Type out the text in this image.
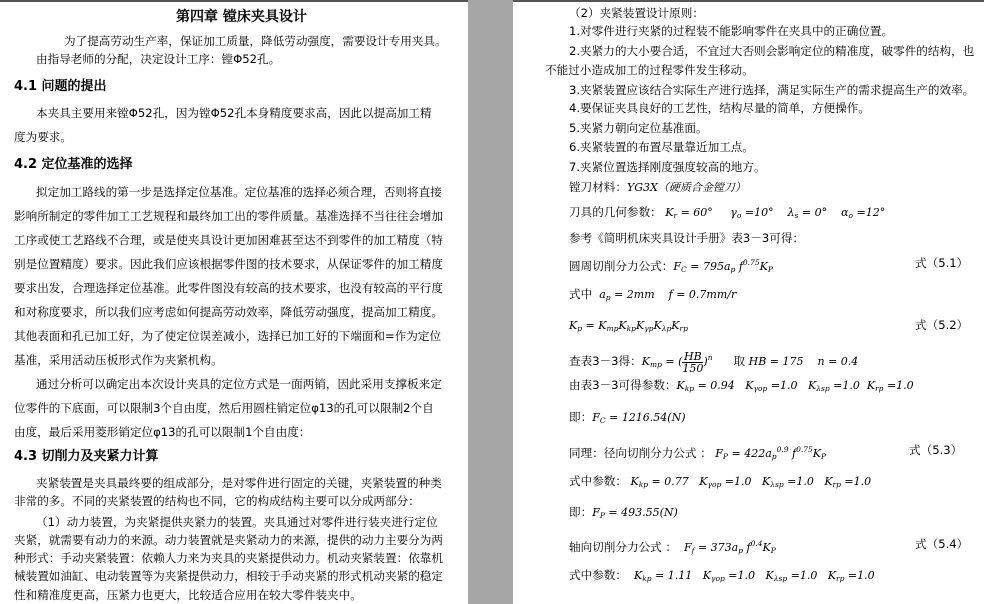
第四章 镗床夹具设计
为了提高劳动生产率，保证加工质量，降低劳动强度，需要设计专用夹具。
由指导老师的分配，决定设计工序：镗Φ52孔。
4.1 问题的提出
本夹具主要用来镗Φ52孔，因为镗Φ52孔本身精度要求高，因此以提高加工精
度为要求。
4.2 定位基准的选择
拟定加工路线的第一步是选择定位基准。定位基准的选择必须合理，否则将直接
影响所制定的零件加工工艺规程和最终加工出的零件质量。基准选择不当往往会增加
工序或使工艺路线不合理，或是使夹具设计更加困难甚至达不到零件的加工精度（特
别是位置精度）要求。因此我们应该根据零件图的技术要求，从保证零件的加工精度
要求出发，合理选择定位基准。此零件图没有较高的技术要求，也没有较高的平行度
和对称度要求，所以我们应考虑如何提高劳动效率，降低劳动强度，提高加工精度。
其他表面和孔已加工好，为了使定位误差减小，选择已加工好的下端面和=作为定位
基准，采用活动压板形式作为夹紧机构。
通过分析可以确定出本次设计夹具的定位方式是一面两销，因此采用支撑板来定
位零件的下底面，可以限制3个自由度，然后用圆柱销定位φ13的孔可以限制2个自
由度，最后采用菱形销定位φ13的孔可以限制1个自由度：
4.3 切削力及夹紧力计算
夹紧装置是夹具最终要的组成部分，是对零件进行固定的关键，夹紧装置的种类
非常的多。不同的夹紧装置的结构也不同，它的构成结构主要可以分成两部分：
（1）动力装置，为夹紧提供夹紧力的装置。夹具通过对零件进行装夹进行定位
夹紧，就需要有动力的来源。动力装置就是夹紧动力的来源，提供的动力主要分为两
种形式：手动夹紧装置：依赖人力来为夹具的夹紧提供动力。机动夹紧装置：依靠机
械装置如油缸、电动装置等为夹紧提供动力，相较于手动夹紧的形式机动夹紧的稳定
性和精准度更高，压紧力也更大，比较适合应用在较大零件装夹中。
（2）夹紧装置设计原则：
1.对零件进行夹紧的过程装不能影响零件在夹具中的正确位置。
2.夹紧力的大小要合适，不宜过大否则会影响定位的精准度，破零件的结构，也
不能过小造成加工的过程零件发生移动。
3.夹紧装置应该结合实际生产进行选择，满足实际生产的需求提高生产的效率。
4.要保证夹具良好的工艺性，结构尽量的简单，方便操作。
5.夹紧力朝向定位基准面。
6.夹紧装置的布置尽量靠近加工点。
7.夹紧位置选择刚度强度较高的地方。
镗刀材料：YG3X（硬质合金镗刀）
刀具的几何参数： $K_r = 60^\circ$     $\gamma_o =10^\circ$    $\lambda_s = 0^\circ$    $\alpha_o =12^\circ$
参考《简明机床夹具设计手册》表3－3可得：
圆周切削分力公式：$F_C = 795a_p$ $f^{0.75}K_P$	式（5.1）
式中  $a_p = 2mm$    f = 0.7mm/r
$K_p = K_{mp}K_{kp}K_{\gamma p}K_{\lambda p}K_{rp}$	式（5.2）
查表3－3得：$K_{mp}$ = ( $\frac{HB}{150} )^n$ 取 HB = 175    n = 0.4
由表3－3可得参数：$K_{kp} = 0.94$   $K_{\gamma op} =1.0$   $K_{\lambda sp} =1.0$  $K_{rp} =1.0$
即：$F_C = 1216.54(N)$
同理：径向切削分力公式 ： $F_P = 422a_p^{0.9}$ $f^{0.75}K_P$	式（5.3）
式中参数： $K_{kp} = 0.77$   $K_{\gamma op} =1.0$   $K_{\lambda sp} =1.0$   $K_{rp} =1.0$
即：$F_P = 493.55(N)$
轴向切削分力公式 ：  $F_f = 373a_p$ $f^{0.4}K_P$	式（5.4）
式中参数：  $K_{kp} = 1.11$   $K_{\gamma op} =1.0$   $K_{\lambda sp} =1.0$   $K_{rp} =1.0$
